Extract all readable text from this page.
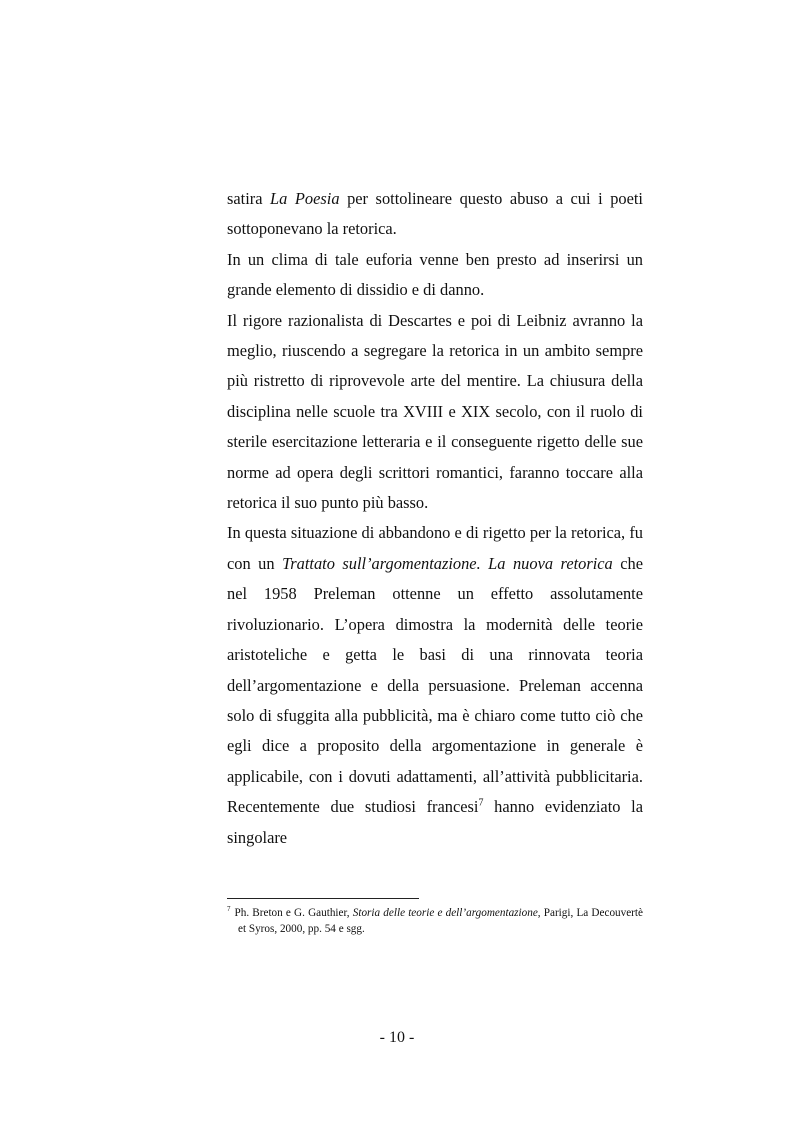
satira La Poesia per sottolineare questo abuso a cui i poeti sottoponevano la retorica.

In un clima di tale euforia venne ben presto ad inserirsi un grande elemento di dissidio e di danno.

Il rigore razionalista di Descartes e poi di Leibniz avranno la meglio, riuscendo a segregare la retorica in un ambito sempre più ristretto di riprovevole arte del mentire. La chiusura della disciplina nelle scuole tra XVIII e XIX secolo, con il ruolo di sterile esercitazione letteraria e il conseguente rigetto delle sue norme ad opera degli scrittori romantici, faranno toccare alla retorica il suo punto più basso.

In questa situazione di abbandono e di rigetto per la retorica, fu con un Trattato sull’argomentazione. La nuova retorica che nel 1958 Preleman ottenne un effetto assolutamente rivoluzionario. L’opera dimostra la modernità delle teorie aristoteliche e getta le basi di una rinnovata teoria dell’argomentazione e della persuasione. Preleman accenna solo di sfuggita alla pubblicità, ma è chiaro come tutto ciò che egli dice a proposito della argomentazione in generale è applicabile, con i dovuti adattamenti, all’attività pubblicitaria. Recentemente due studiosi francesi$^7$ hanno evidenziato la singolare

$^7$ Ph. Breton e G. Gauthier, Storia delle teorie e dell’argomentazione, Parigi, La Decouvertè et Syros, 2000, pp. 54 e sgg.

- 10 -
